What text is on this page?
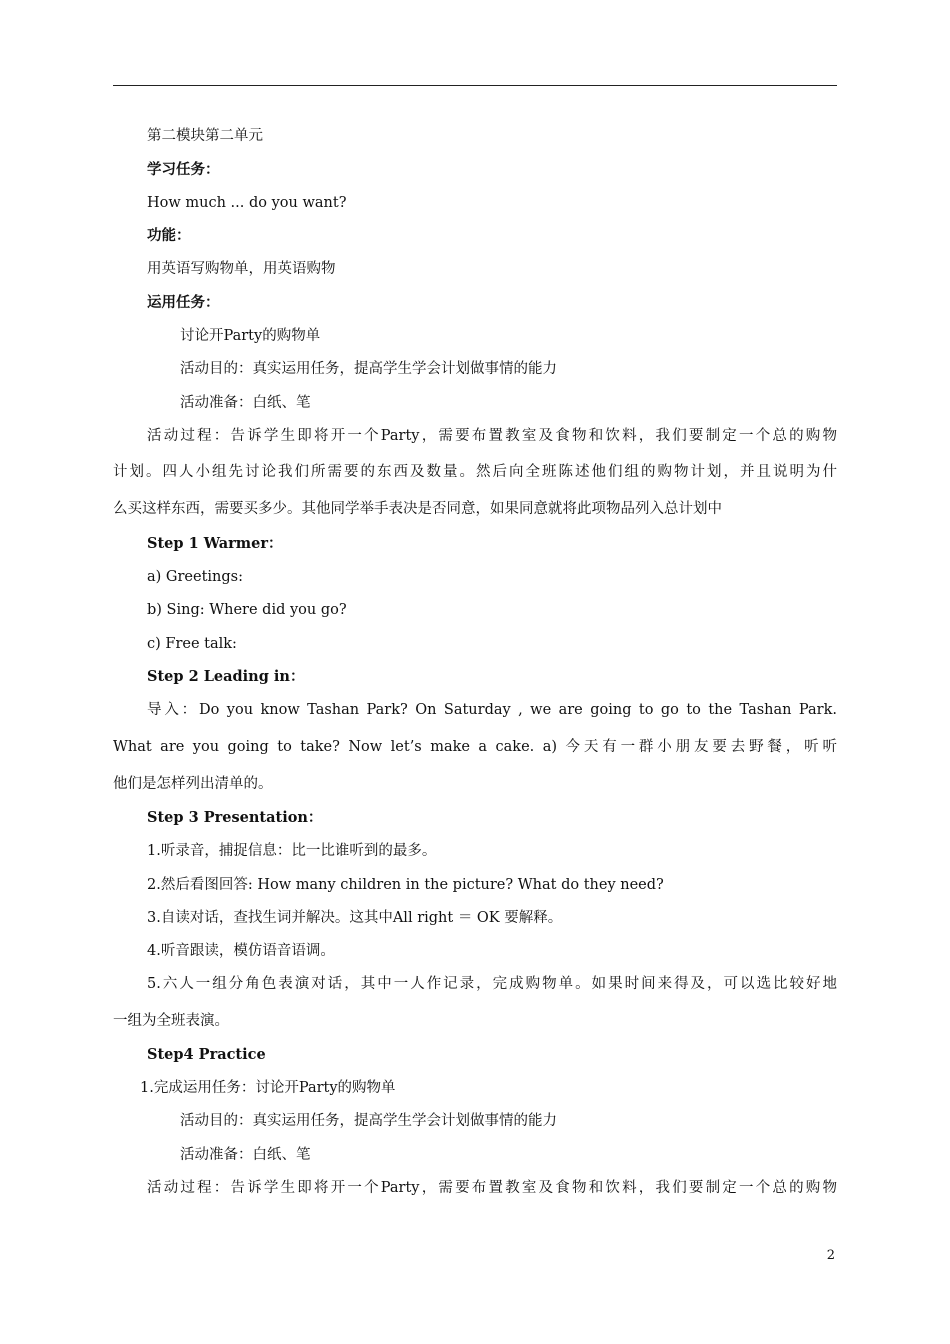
第二模块第二单元
学习任务：
How much ... do you want?
功能：
用英语写购物单，用英语购物
运用任务：
讨论开Party的购物单
活动目的：真实运用任务，提高学生学会计划做事情的能力
活动准备：白纸、笔
活动过程：告诉学生即将开一个Party，需要布置教室及食物和饮料，我们要制定一个总的购物
计划。四人小组先讨论我们所需要的东西及数量。然后向全班陈述他们组的购物计划，并且说明为什
么买这样东西，需要买多少。其他同学举手表决是否同意，如果同意就将此项物品列入总计划中
Step 1 Warmer：
a) Greetings:
b) Sing: Where did you go?
c) Free talk:
Step 2 Leading in：
导入：Do you know Tashan Park? On Saturday , we are going to go to the Tashan Park.
What are you going to take? Now let’s make a cake. a) 今天有一群小朋友要去野餐，听听
他们是怎样列出清单的。
Step 3 Presentation：
1.听录音，捕捉信息：比一比谁听到的最多。
2.然后看图回答: How many children in the picture? What do they need?
3.自读对话，查找生词并解决。这其中All right ＝ OK 要解释。
4.听音跟读，模仿语音语调。
5.六人一组分角色表演对话，其中一人作记录，完成购物单。如果时间来得及，可以选比较好地
一组为全班表演。
Step4 Practice
1.完成运用任务：讨论开Party的购物单
活动目的：真实运用任务，提高学生学会计划做事情的能力
活动准备：白纸、笔
活动过程：告诉学生即将开一个Party，需要布置教室及食物和饮料，我们要制定一个总的购物
2
